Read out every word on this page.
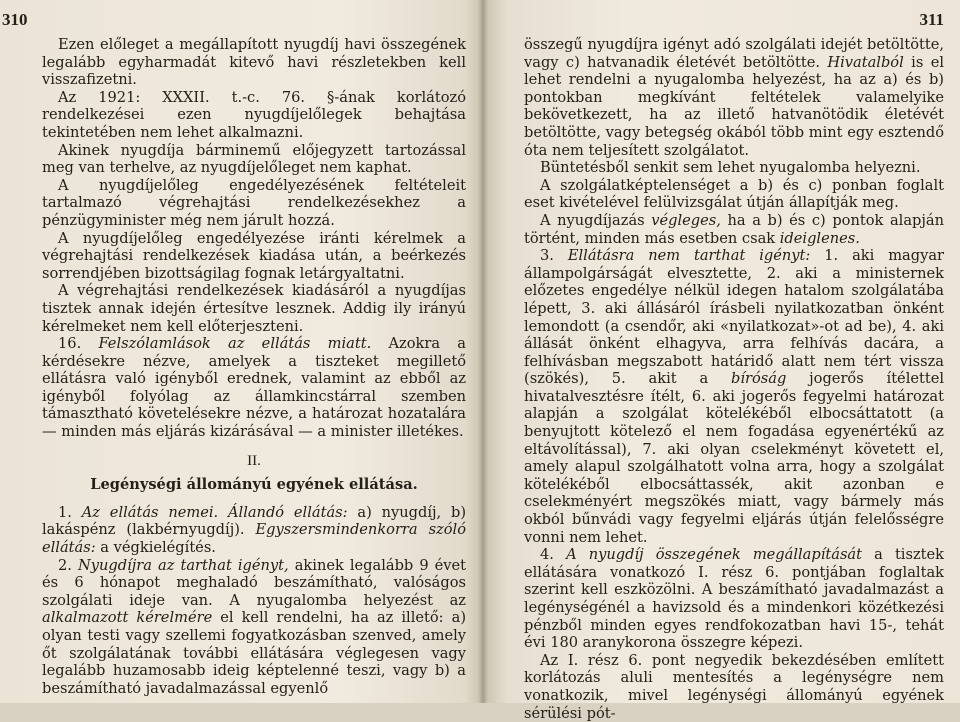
310

Ezen előleget a megállapított nyugdíj havi összegének legalább egyharmadát kitevő havi részletekben kell visszafizetni.

Az 1921: XXXII. t.-c. 76. §-ának korlátozó rendelkezései ezen nyugdíjelőlegek behajtása tekintetében nem lehet alkalmazni.

Akinek nyugdíja bárminemű előjegyzett tartozással meg van terhelve, az nyugdíjelőleget nem kaphat.

A nyugdíjelőleg engedélyezésének feltételeit tartalmazó végrehajtási rendelkezésekhez a pénzügyminister még nem járult hozzá.

A nyugdíjelőleg engedélyezése iránti kérelmek a végrehajtási rendelkezések kiadása után, a beérkezés sorrendjében bizottságilag fognak letárgyaltatni.

A végrehajtási rendelkezések kiadásáról a nyugdíjas tisztek annak idején értesítve lesznek. Addig ily irányú kérelmeket nem kell előterjeszteni.

16. Felszólamlások az ellátás miatt. Azokra a kérdésekre nézve, amelyek a tiszteket megillető ellátásra való igényből erednek, valamint az ebből az igényből folyólag az államkincstárral szemben támasztható követelésekre nézve, a határozat hozatalára — minden más eljárás kizárásával — a minister illetékes.

II.
Legénységi állományú egyének ellátása.

1. Az ellátás nemei. Állandó ellátás: a) nyugdíj, b) lakáspénz (lakbérnyugdíj). Egyszersmindenkorra szóló ellátás: a végkielégítés.

2. Nyugdíjra az tarthat igényt, akinek legalább 9 évet és 6 hónapot meghaladó beszámítható, valóságos szolgálati ideje van. A nyugalomba helyezést az alkalmazott kérelmére el kell rendelni, ha az illető: a) olyan testi vagy szellemi fogyatkozásban szenved, amely őt szolgálatának további ellátására véglegesen vagy legalább huzamosabb ideig képtelenné teszi, vagy b) a beszámítható javadalmazással egyenlő

311

összegű nyugdíjra igényt adó szolgálati idejét betöltötte, vagy c) hatvanadik életévét betöltötte. Hivatalból is el lehet rendelni a nyugalomba helyezést, ha az a) és b) pontokban megkívánt feltételek valamelyike bekövetkezett, ha az illető hatvanötödik életévét betöltötte, vagy betegség okából több mint egy esztendő óta nem teljesített szolgálatot.

Büntetésből senkit sem lehet nyugalomba helyezni.

A szolgálatképtelenséget a b) és c) ponban foglalt eset kivételével felülvizsgálat útján állapítják meg.

A nyugdíjazás végleges, ha a b) és c) pontok alapján történt, minden más esetben csak ideiglenes.

3. Ellátásra nem tarthat igényt: 1. aki magyar állampolgárságát elvesztette, 2. aki a ministernek előzetes engedélye nélkül idegen hatalom szolgálatába lépett, 3. aki állásáról írásbeli nyilatkozatban önként lemondott (a csendőr, aki «nyilatkozat»-ot ad be), 4. aki állását önként elhagyva, arra felhívás dacára, a felhívásban megszabott határidő alatt nem tért vissza (szökés), 5. akit a bíróság jogerős ítélettel hivatalvesztésre ítélt, 6. aki jogerős fegyelmi határozat alapján a szolgálat kötelékéből elbocsáttatott (a benyujtott kötelező el nem fogadása egyenértékű az eltávolítással), 7. aki olyan cselekményt követett el, amely alapul szolgálhatott volna arra, hogy a szolgálat kötelékéből elbocsáttassék, akit azonban e cselekményért megszökés miatt, vagy bármely más okból bűnvádi vagy fegyelmi eljárás útján felelősségre vonni nem lehet.

4. A nyugdíj összegének megállapítását a tisztek ellátására vonatkozó I. rész 6. pontjában foglaltak szerint kell eszközölni. A beszámítható javadalmazást a legénységénél a havizsold és a mindenkori közétkezési pénzből minden egyes rendfokozatban havi 15-, tehát évi 180 aranykorona összegre képezi.

Az I. rész 6. pont negyedik bekezdésében említett korlátozás aluli mentesítés a legénységre nem vonatkozik, mivel legénységi állományú egyének sérülési pót-
